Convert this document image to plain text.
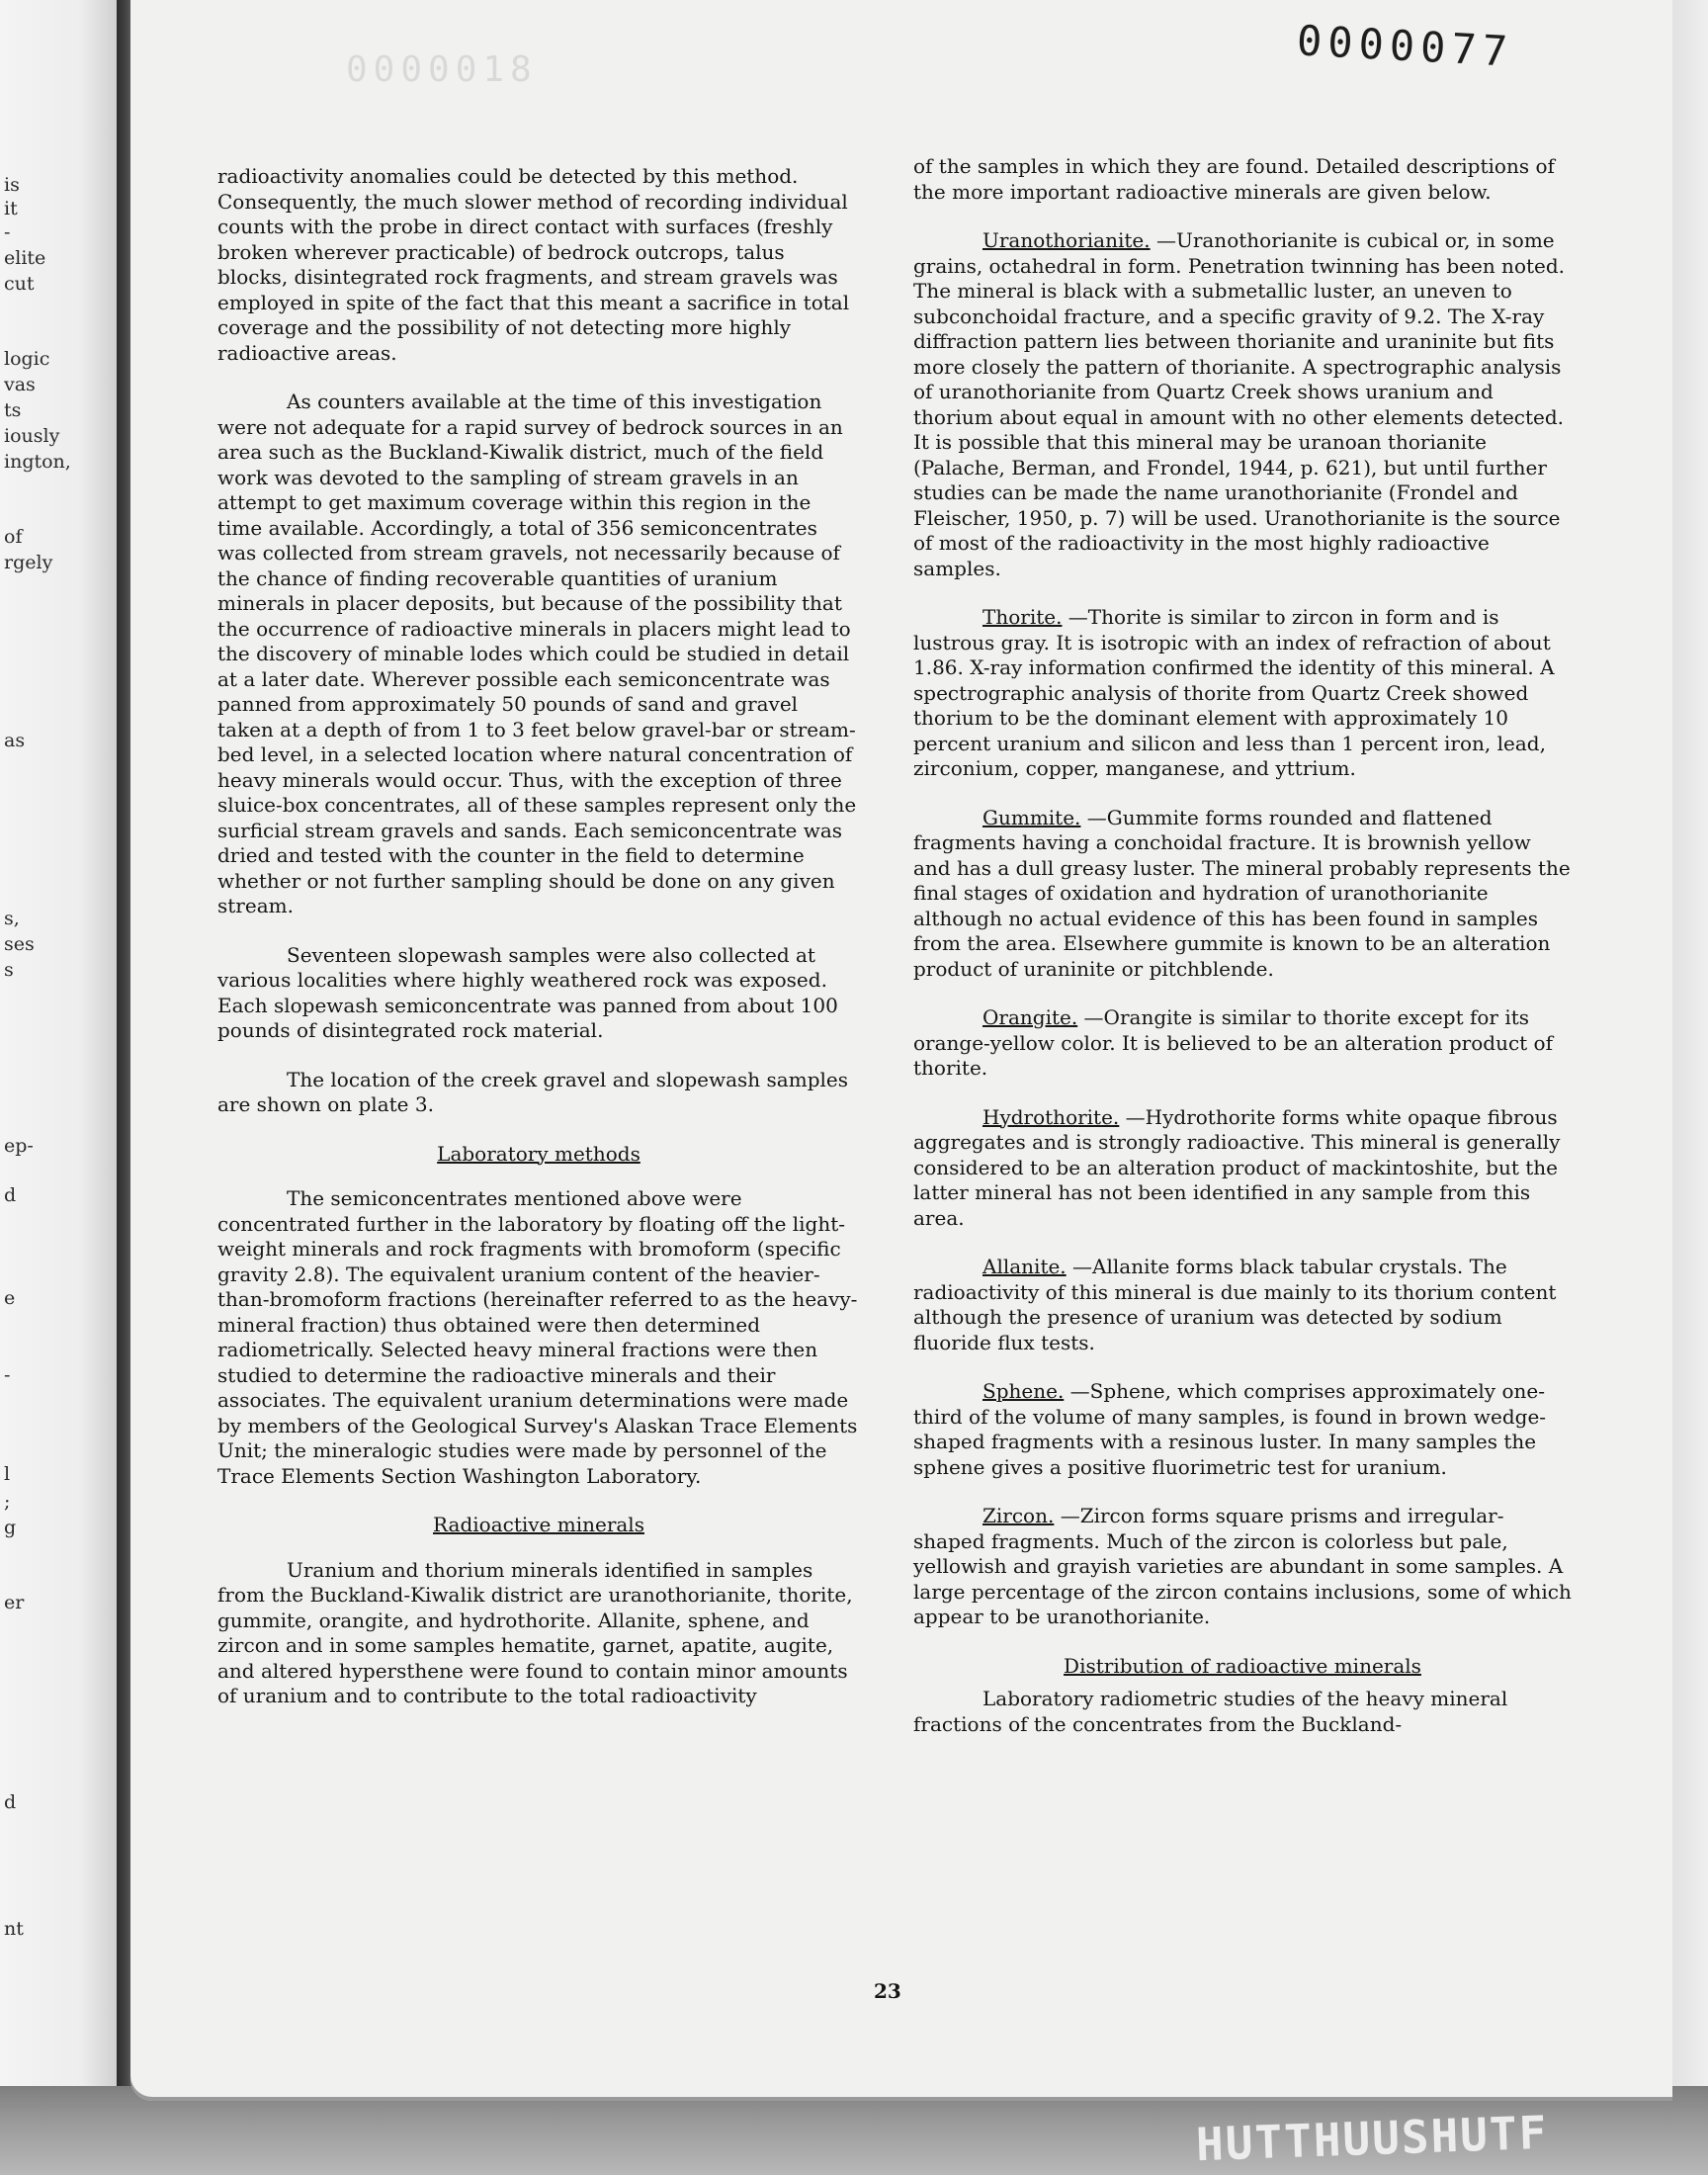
is
it
-
elite
cut
logic
vas
ts
iously
ington,
of
rgely
as
s,
ses
s
ep-
d
e
-
l
;
g
er
d
nt
HUTTHUUSHUTF
0000018	0000077

radioactivity anomalies could be detected by this method. Consequently, the much slower method of recording individual counts with the probe in direct contact with surfaces (freshly broken wherever practicable) of bedrock outcrops, talus blocks, disintegrated rock fragments, and stream gravels was employed in spite of the fact that this meant a sacrifice in total coverage and the possibility of not detecting more highly radioactive areas.

As counters available at the time of this investigation were not adequate for a rapid survey of bedrock sources in an area such as the Buckland-Kiwalik district, much of the field work was devoted to the sampling of stream gravels in an attempt to get maximum coverage within this region in the time available. Accordingly, a total of 356 semiconcentrates was collected from stream gravels, not necessarily because of the chance of finding recoverable quantities of uranium minerals in placer deposits, but because of the possibility that the occurrence of radioactive minerals in placers might lead to the discovery of minable lodes which could be studied in detail at a later date. Wherever possible each semiconcentrate was panned from approximately 50 pounds of sand and gravel taken at a depth of from 1 to 3 feet below gravel-bar or stream-bed level, in a selected location where natural concentration of heavy minerals would occur. Thus, with the exception of three sluice-box concentrates, all of these samples represent only the surficial stream gravels and sands. Each semiconcentrate was dried and tested with the counter in the field to determine whether or not further sampling should be done on any given stream.

Seventeen slopewash samples were also collected at various localities where highly weathered rock was exposed. Each slopewash semiconcentrate was panned from about 100 pounds of disintegrated rock material.

The location of the creek gravel and slopewash samples are shown on plate 3.

Laboratory methods

The semiconcentrates mentioned above were concentrated further in the laboratory by floating off the light-weight minerals and rock fragments with bromoform (specific gravity 2.8). The equivalent uranium content of the heavier-than-bromoform fractions (hereinafter referred to as the heavy-mineral fraction) thus obtained were then determined radiometrically. Selected heavy mineral fractions were then studied to determine the radioactive minerals and their associates. The equivalent uranium determinations were made by members of the Geological Survey's Alaskan Trace Elements Unit; the mineralogic studies were made by personnel of the Trace Elements Section Washington Laboratory.

Radioactive minerals

Uranium and thorium minerals identified in samples from the Buckland-Kiwalik district are uranothorianite, thorite, gummite, orangite, and hydrothorite. Allanite, sphene, and zircon and in some samples hematite, garnet, apatite, augite, and altered hypersthene were found to contain minor amounts of uranium and to contribute to the total radioactivity

of the samples in which they are found. Detailed descriptions of the more important radioactive minerals are given below.

Uranothorianite. —Uranothorianite is cubical or, in some grains, octahedral in form. Penetration twinning has been noted. The mineral is black with a submetallic luster, an uneven to subconchoidal fracture, and a specific gravity of 9.2. The X-ray diffraction pattern lies between thorianite and uraninite but fits more closely the pattern of thorianite. A spectrographic analysis of uranothorianite from Quartz Creek shows uranium and thorium about equal in amount with no other elements detected. It is possible that this mineral may be uranoan thorianite (Palache, Berman, and Frondel, 1944, p. 621), but until further studies can be made the name uranothorianite (Frondel and Fleischer, 1950, p. 7) will be used. Uranothorianite is the source of most of the radioactivity in the most highly radioactive samples.

Thorite. —Thorite is similar to zircon in form and is lustrous gray. It is isotropic with an index of refraction of about 1.86. X-ray information confirmed the identity of this mineral. A spectrographic analysis of thorite from Quartz Creek showed thorium to be the dominant element with approximately 10 percent uranium and silicon and less than 1 percent iron, lead, zirconium, copper, manganese, and yttrium.

Gummite. —Gummite forms rounded and flattened fragments having a conchoidal fracture. It is brownish yellow and has a dull greasy luster. The mineral probably represents the final stages of oxidation and hydration of uranothorianite although no actual evidence of this has been found in samples from the area. Elsewhere gummite is known to be an alteration product of uraninite or pitchblende.

Orangite. —Orangite is similar to thorite except for its orange-yellow color. It is believed to be an alteration product of thorite.

Hydrothorite. —Hydrothorite forms white opaque fibrous aggregates and is strongly radioactive. This mineral is generally considered to be an alteration product of mackintoshite, but the latter mineral has not been identified in any sample from this area.

Allanite. —Allanite forms black tabular crystals. The radioactivity of this mineral is due mainly to its thorium content although the presence of uranium was detected by sodium fluoride flux tests.

Sphene. —Sphene, which comprises approximately one-third of the volume of many samples, is found in brown wedge-shaped fragments with a resinous luster. In many samples the sphene gives a positive fluorimetric test for uranium.

Zircon. —Zircon forms square prisms and irregular-shaped fragments. Much of the zircon is colorless but pale, yellowish and grayish varieties are abundant in some samples. A large percentage of the zircon contains inclusions, some of which appear to be uranothorianite.

Distribution of radioactive minerals

Laboratory radiometric studies of the heavy mineral fractions of the concentrates from the Buckland-

23
